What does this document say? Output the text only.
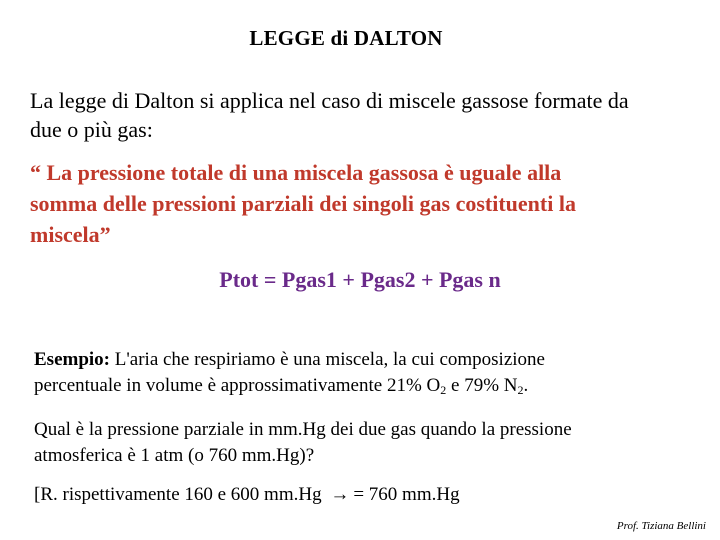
LEGGE di DALTON
La legge di Dalton si applica nel caso di miscele gassose formate da
due o più gas:
“ La pressione totale di una miscela gassosa è uguale alla
somma delle pressioni parziali dei singoli gas costituenti la
miscela”
Ptot = Pgas1 + Pgas2 + Pgas n
Esempio: L'aria che respiriamo è una miscela, la cui composizione
percentuale in volume è approssimativamente 21% $O_2$ e 79% $N_2$.
Qual è la pressione parziale in mm.Hg dei due gas quando la pressione
atmosferica è 1 atm (o 760 mm.Hg)?
[R. rispettivamente 160 e 600 mm.Hg → = 760 mm.Hg
Prof. Tiziana Bellini
